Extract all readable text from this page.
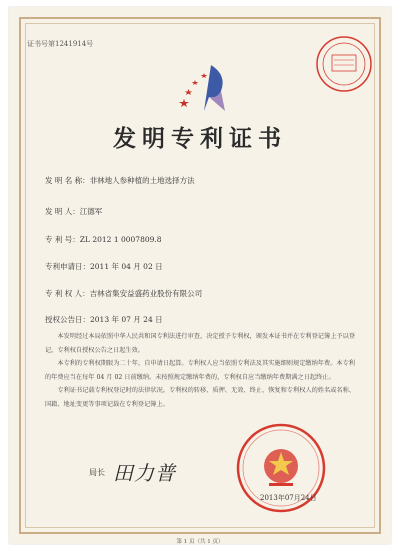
证书号第1241914号
发明专利证书
发 明 名 称：非林地人参种植的土地选择方法
发 明 人：江德军
专 利 号：ZL 2012 1 0007809.8
专利申请日：2011 年 04 月 02 日
专 利 权 人：吉林省集安益盛药业股份有限公司
授权公告日：2013 年 07 月 24 日

本发明经过本局依照中华人民共和国专利法进行审查，决定授予专利权，颁发本证书并在专利登记簿上予以登记。专利权自授权公告之日起生效。

本专利的专利权期限为二十年，自申请日起算。专利权人应当依照专利法及其实施细则规定缴纳年费。本专利的年费应当在每年 04 月 02 日前缴纳。未按照规定缴纳年费的，专利权自应当缴纳年费期满之日起终止。

专利证书记载专利权登记时的法律状况。专利权的转移、质押、无效、终止、恢复和专利权人的姓名或名称、国籍、地址变更等事项记载在专利登记簿上。

局长 田力普
2013年07月24日
第 1 页（共 1 页）
